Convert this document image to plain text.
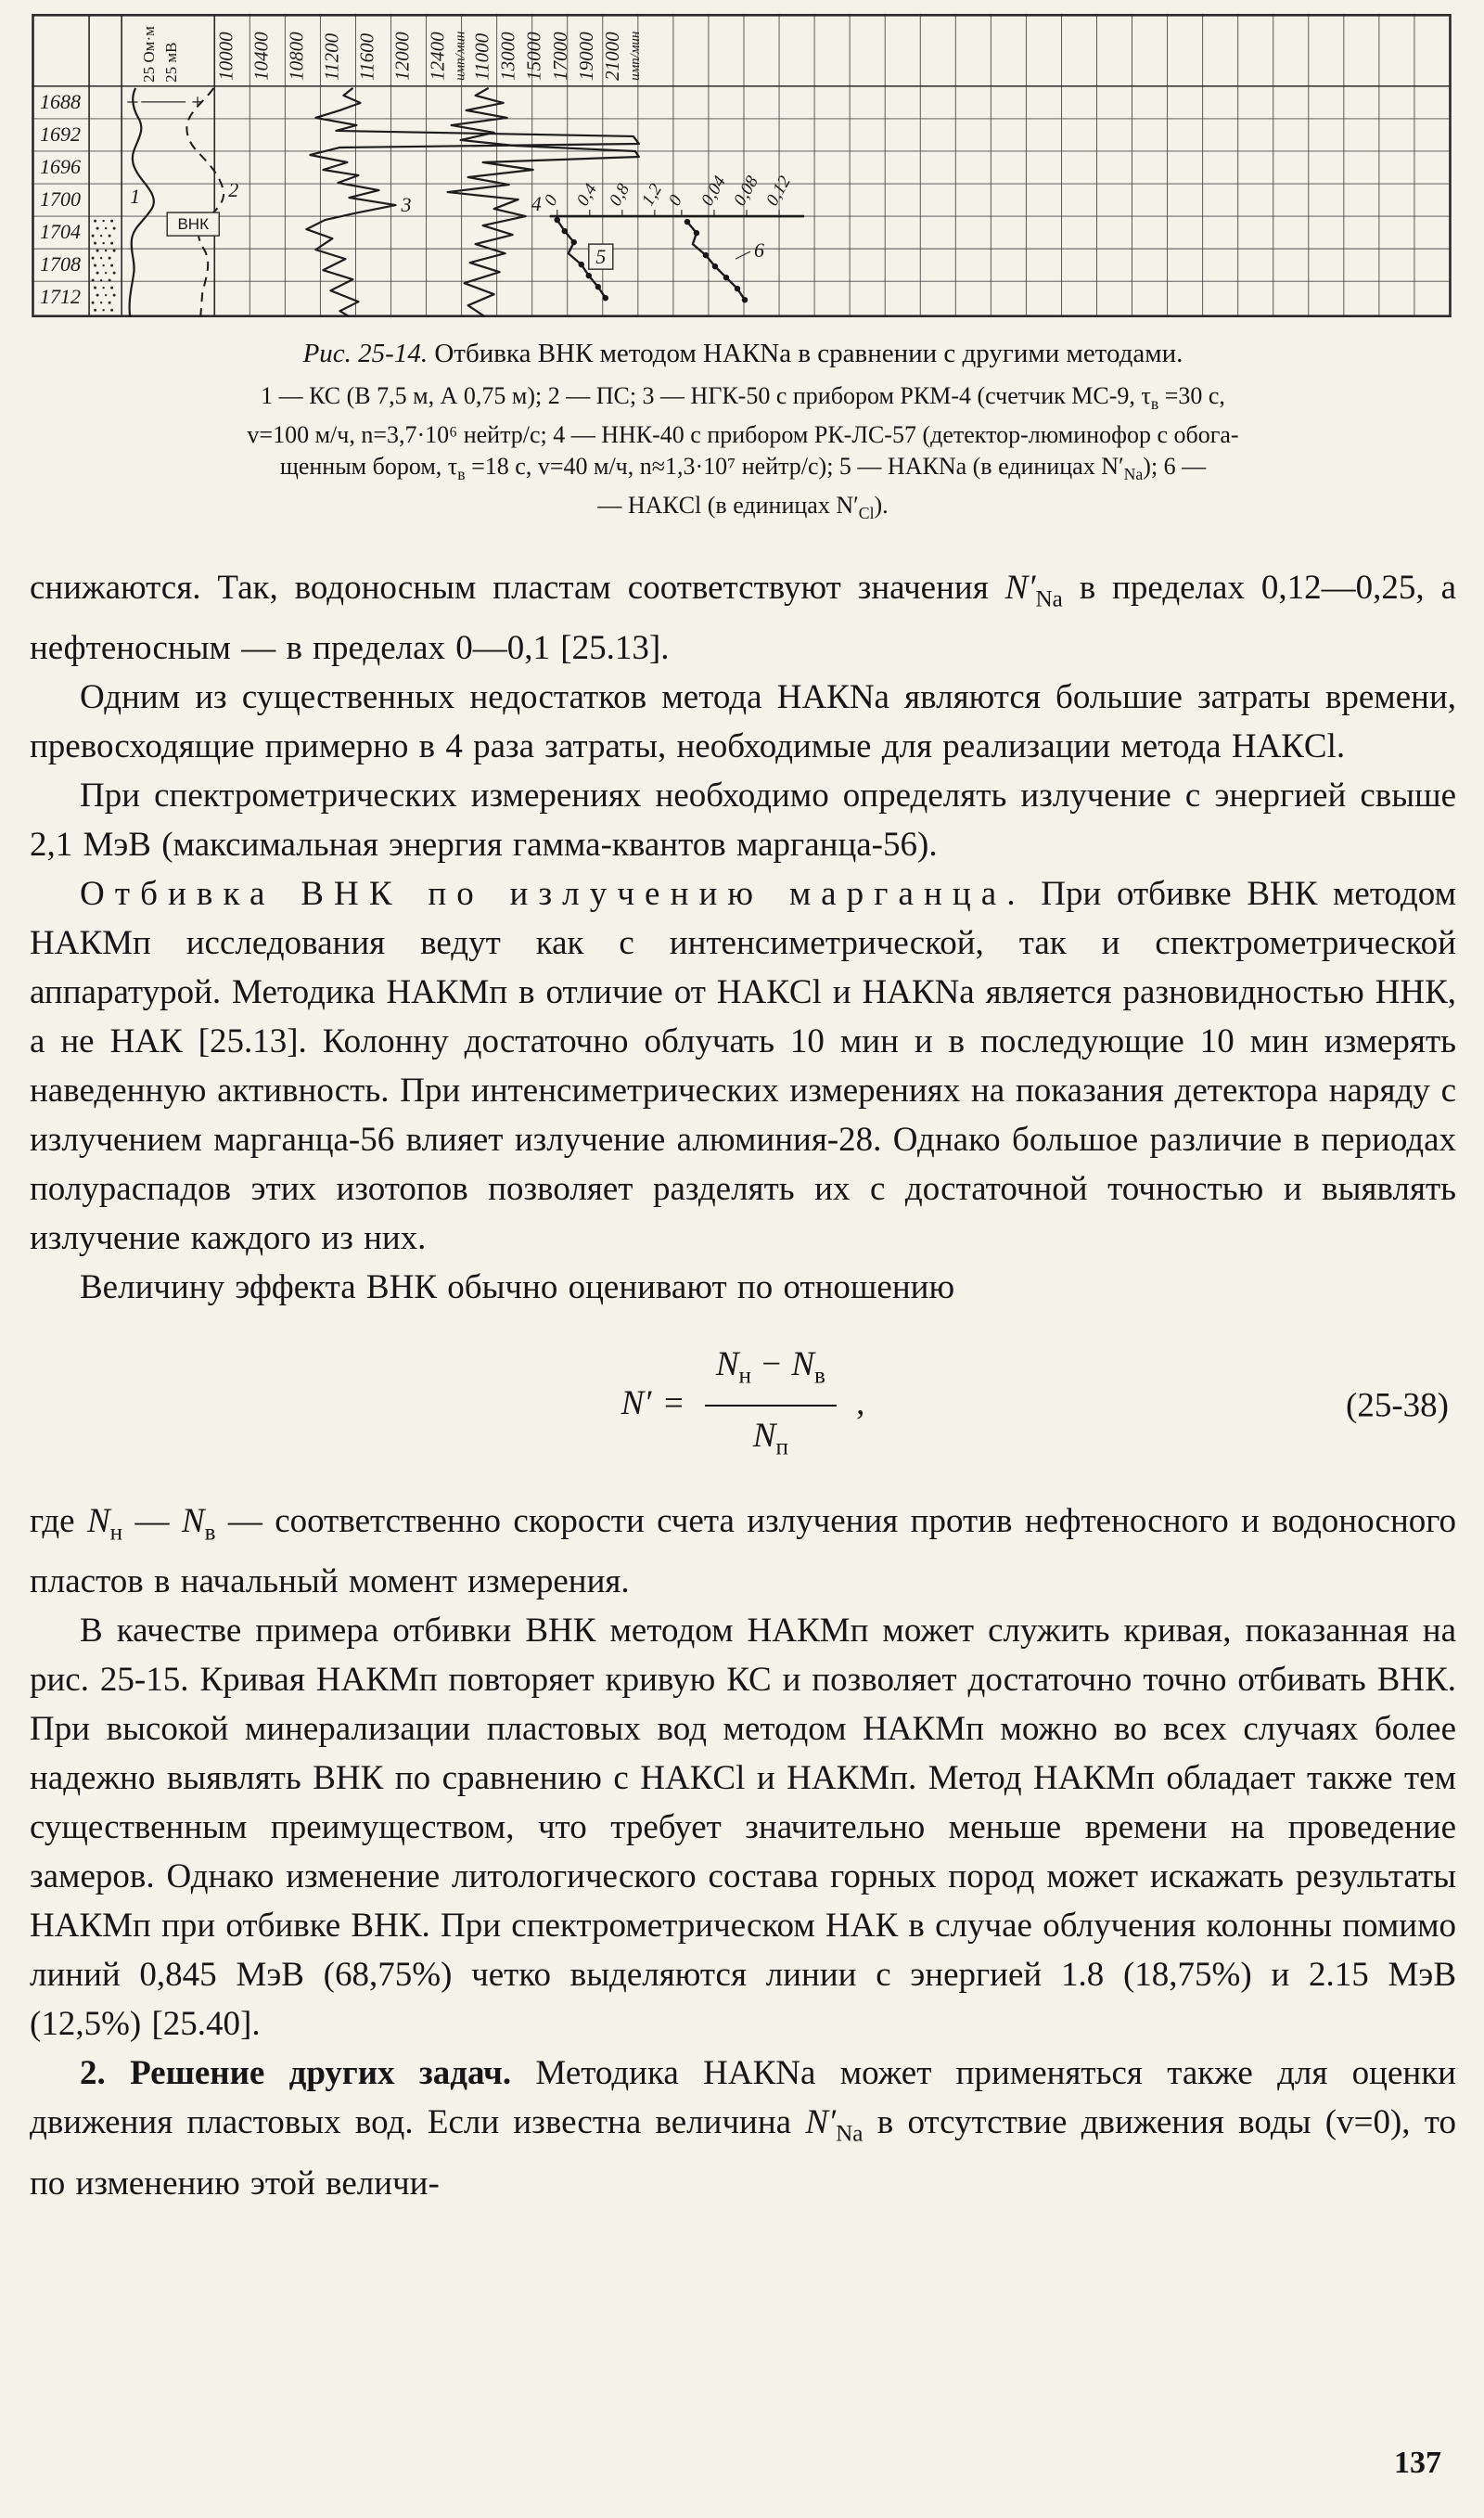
1688
1692
1696
1700
1704
1708
1712
25 Ом·м 25 мВ
− +
10000 10400 10800 11200 11600 12000 12400 имп/мин 11000 13000 15000 17000 19000 21000 имп/мин
0 0,4 0,8 1,2
0 0,04 0,08 0,12
1	2
3	4
5	6
ВНК
Рис. 25-14. Отбивка ВНК методом НАКNa в сравнении с другими методами.
1 — КС (В 7,5 м, А 0,75 м); 2 — ПС; 3 — НГК-50 с прибором РКМ-4 (счетчик МС-9, $\tau_в =30$ с,
v=100 м/ч, n=3,7·10⁶ нейтр/с; 4 — ННК-40 с прибором РК-ЛС-57 (детектор-люминофор с обога-
щенным бором, $\tau_в =18$ с, v=40 м/ч, n≈1,3·10⁷ нейтр/с); 5 — НАКNa (в единицах $N'_{Na}$); 6 —
— НАКCl (в единицах $N'_{Cl}$).

снижаются. Так, водоносным пластам соответствуют значения $N'_{Na}$ в пределах 0,12—0,25, а нефтеносным — в пределах 0—0,1 [25.13].

Одним из существенных недостатков метода НАКNa являются большие затраты времени, превосходящие примерно в 4 раза затраты, необходимые для реализации метода НАКCl.

При спектрометрических измерениях необходимо определять излучение с энергией свыше 2,1 МэВ (максимальная энергия гамма-квантов марганца-56).

Отбивка ВНК по излучению марганца. При отбивке ВНК методом НАКМп исследования ведут как с интенсиметрической, так и спектрометрической аппаратурой. Методика НАКМп в отличие от НАКCl и НАКNa является разновидностью ННК, а не НАК [25.13]. Колонну достаточно облучать 10 мин и в последующие 10 мин измерять наведенную активность. При интенсиметрических измерениях на показания детектора наряду с излучением марганца-56 влияет излучение алюминия-28. Однако большое различие в периодах полураспадов этих изотопов позволяет разделять их с достаточной точностью и выявлять излучение каждого из них.

Величину эффекта ВНК обычно оценивают по отношению

$N' = \frac{N_н - N_в}{N_п}$ ,	(25-38)

где $N_н$ — $N_в$ — соответственно скорости счета излучения против нефтеносного и водоносного пластов в начальный момент измерения.

В качестве примера отбивки ВНК методом НАКМп может служить кривая, показанная на рис. 25-15. Кривая НАКМп повторяет кривую КС и позволяет достаточно точно отбивать ВНК. При высокой минерализации пластовых вод методом НАКМп можно во всех случаях более надежно выявлять ВНК по сравнению с НАКCl и НАКМп. Метод НАКМп обладает также тем существенным преимуществом, что требует значительно меньше времени на проведение замеров. Однако изменение литологического состава горных пород может искажать результаты НАКМп при отбивке ВНК. При спектрометрическом НАК в случае облучения колонны помимо линий 0,845 МэВ (68,75%) четко выделяются линии с энергией 1.8 (18,75%) и 2.15 МэВ (12,5%) [25.40].

2. Решение других задач. Методика НАКNa может применяться также для оценки движения пластовых вод. Если известна величина $N'_{Na}$ в отсутствие движения воды (v=0), то по изменению этой величи-

137
